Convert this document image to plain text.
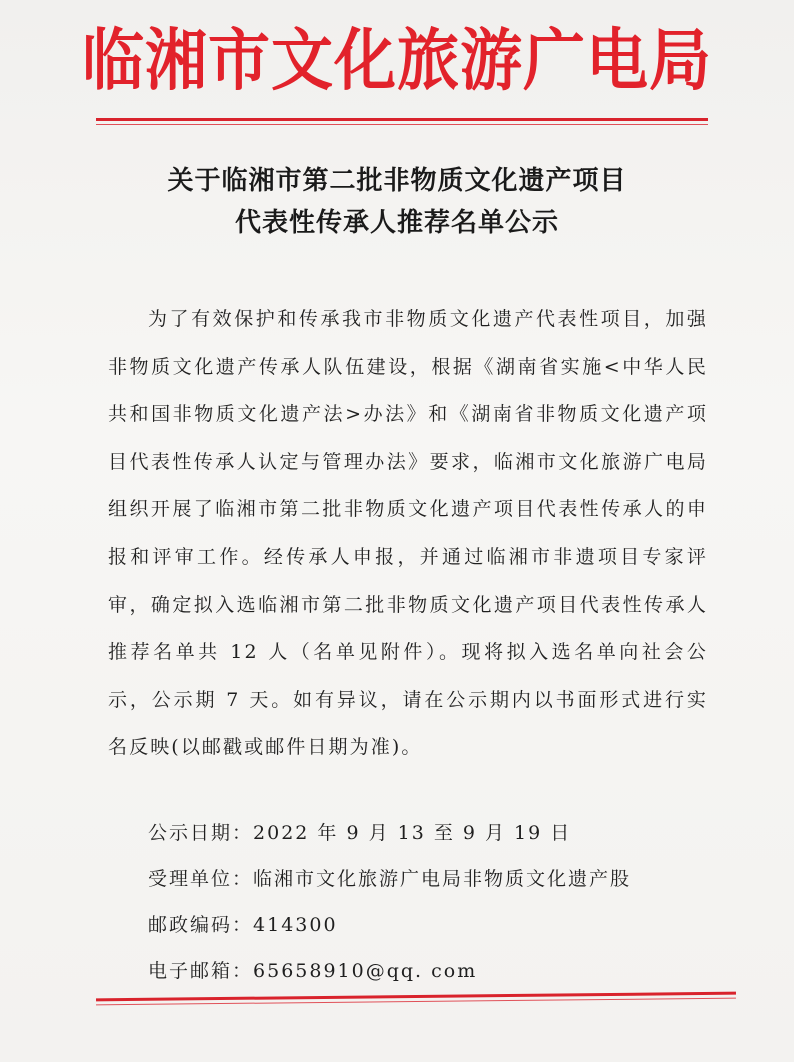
临湘市文化旅游广电局
关于临湘市第二批非物质文化遗产项目
代表性传承人推荐名单公示
为了有效保护和传承我市非物质文化遗产代表性项目，加强非物质文化遗产传承人队伍建设，根据《湖南省实施<中华人民共和国非物质文化遗产法>办法》和《湖南省非物质文化遗产项目代表性传承人认定与管理办法》要求，临湘市文化旅游广电局组织开展了临湘市第二批非物质文化遗产项目代表性传承人的申报和评审工作。经传承人申报，并通过临湘市非遗项目专家评审，确定拟入选临湘市第二批非物质文化遗产项目代表性传承人推荐名单共 12 人（名单见附件）。现将拟入选名单向社会公示，公示期 7 天。如有异议，请在公示期内以书面形式进行实名反映(以邮戳或邮件日期为准)。
公示日期：2022 年 9 月 13 至 9 月 19 日
受理单位：临湘市文化旅游广电局非物质文化遗产股
邮政编码：414300
电子邮箱：65658910@qq. com
